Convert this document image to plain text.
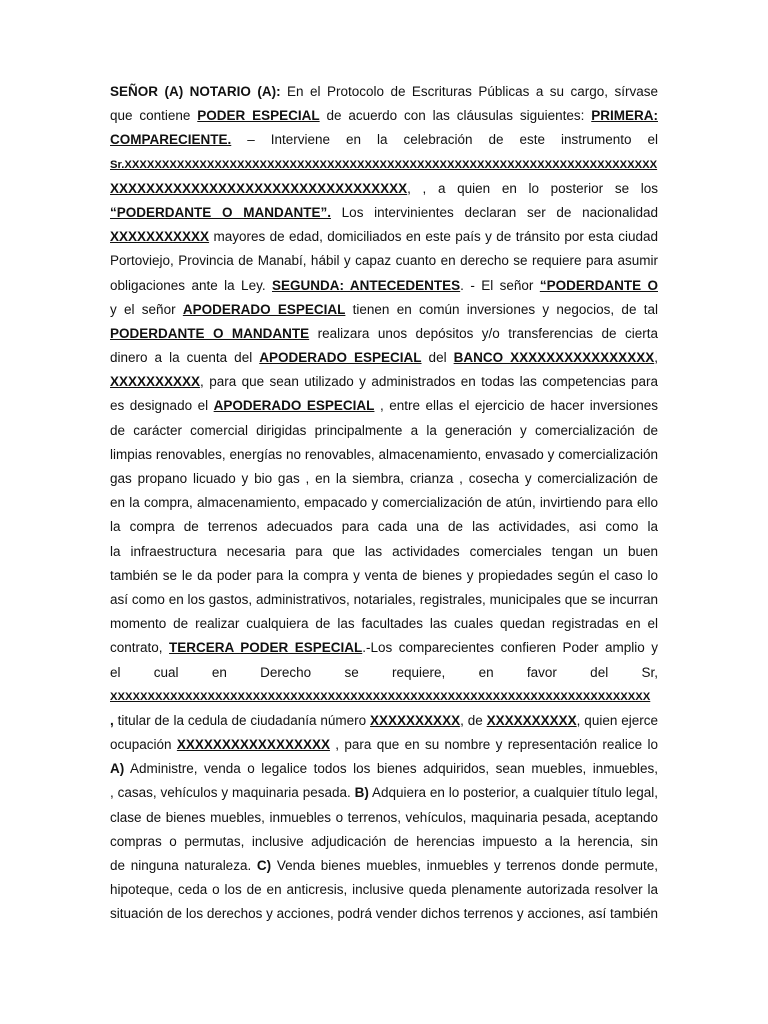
SEÑOR (A) NOTARIO (A): En el Protocolo de Escrituras Públicas a su cargo, sírvase
que contiene PODER ESPECIAL de acuerdo con las cláusulas siguientes: PRIMERA:
COMPARECIENTE. – Interviene en la celebración de este instrumento el
Sr.XXXXXXXXXXXXXXXXXXXXXXXXXXXXXXXXXXXXXXXXXXXXXXXXXXXXXXXXXXXXXXXXXXXXXXX
XXXXXXXXXXXXXXXXXXXXXXXXXXXXXXXXX, , a quien en lo posterior se los
“PODERDANTE O MANDANTE”. Los intervinientes declaran ser de nacionalidad
XXXXXXXXXXX mayores de edad, domiciliados en este país y de tránsito por esta ciudad
Portoviejo, Provincia de Manabí, hábil y capaz cuanto en derecho se requiere para asumir
obligaciones ante la Ley. SEGUNDA: ANTECEDENTES. - El señor “PODERDANTE O
y el señor APODERADO ESPECIAL tienen en común inversiones y negocios, de tal
PODERDANTE O MANDANTE realizara unos depósitos y/o transferencias de cierta
dinero a la cuenta del APODERADO ESPECIAL del BANCO XXXXXXXXXXXXXXXX,
XXXXXXXXXX, para que sean utilizado y administrados en todas las competencias para
es designado el APODERADO ESPECIAL , entre ellas el ejercicio de hacer inversiones
de carácter comercial dirigidas principalmente a la generación y comercialización de
limpias renovables, energías no renovables, almacenamiento, envasado y comercialización
gas propano licuado y bio gas , en la siembra, crianza , cosecha y comercialización de
en la compra, almacenamiento, empacado y comercialización de atún, invirtiendo para ello
la compra de terrenos adecuados para cada una de las actividades, asi como la
la infraestructura necesaria para que las actividades comerciales tengan un buen
también se le da poder para la compra y venta de bienes y propiedades según el caso lo
así como en los gastos, administrativos, notariales, registrales, municipales que se incurran
momento de realizar cualquiera de las facultades las cuales quedan registradas en el
contrato, TERCERA PODER ESPECIAL.-Los comparecientes confieren Poder amplio y
el cual en Derecho se requiere, en favor del Sr,
XXXXXXXXXXXXXXXXXXXXXXXXXXXXXXXXXXXXXXXXXXXXXXXXXXXXXXXXXXXXXXXXXXXXXXXX
, titular de la cedula de ciudadanía número XXXXXXXXXX, de XXXXXXXXXX, quien ejerce
ocupación XXXXXXXXXXXXXXXXX , para que en su nombre y representación realice lo
A) Administre, venda o legalice todos los bienes adquiridos, sean muebles, inmuebles,
, casas, vehículos y maquinaria pesada. B) Adquiera en lo posterior, a cualquier título legal,
clase de bienes muebles, inmuebles o terrenos, vehículos, maquinaria pesada, aceptando
compras o permutas, inclusive adjudicación de herencias impuesto a la herencia, sin
de ninguna naturaleza. C) Venda bienes muebles, inmuebles y terrenos donde permute,
hipoteque, ceda o los de en anticresis, inclusive queda plenamente autorizada resolver la
situación de los derechos y acciones, podrá vender dichos terrenos y acciones, así también
